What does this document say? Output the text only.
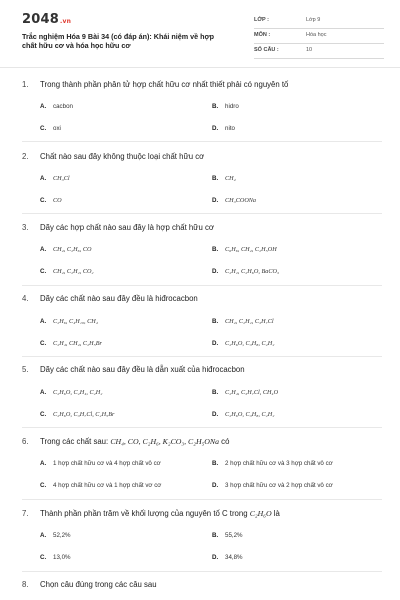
2048.vn
Trắc nghiệm Hóa 9 Bài 34 (có đáp án): Khái niệm về hợp
chất hữu cơ và hóa học hữu cơ
LỚP :	Lớp 9
MÔN :	Hóa học
SỐ CÂU :	10
1. Trong thành phần phân tử hợp chất hữu cơ nhất thiết phải có nguyên tố
A. cacbon	B. hidro
C. oxi	D. nito
2. Chất nào sau đây không thuộc loại chất hữu cơ
A. CH₃Cl	B. CH₄
C. CO	D. CH₃COONa
3. Dãy các hợp chất nào sau đây là hợp chất hữu cơ
A. CH₄, C₂H₆, CO	B. C₆H₆, CH₄, C₂H₅OH
C. CH₄, C₂H₂, CO₂	D. C₂H₂, C₂H₆O, BaCO₃
4. Dãy các chất nào sau đây đều là hiđrocacbon
A. C₂H₆, C₄H₁₀, CH₄	B. CH₄, C₂H₂, C₃H₇Cl
C. C₂H₄, CH₄, C₂H₅Br	D. C₂H₆O, C₃H₈, C₂H₂
5. Dãy các chất nào sau đây đều là dẫn xuất của hiđrocacbon
A. C₂H₆O, C₂H₄, C₂H₂	B. C₂H₄, C₃H₇Cl, CH₄O
C. C₂H₆O, C₃H₇Cl, C₂H₅Br	D. C₂H₆O, C₃H₈, C₂H₂
6. Trong các chất sau: CH₄, CO, C₂H₆, K₂CO₃, C₂H₅ONa có
A. 1 hợp chất hữu cơ và 4 hợp chất vô cơ	B. 2 hợp chất hữu cơ và 3 hợp chất vô cơ
C. 4 hợp chất hữu cơ và 1 hợp chất vơ cơ	D. 3 hợp chất hữu cơ và 2 hợp chất vô cơ
7. Thành phần phần trăm về khối lượng của nguyên tố C trong C₂H₆O là
A. 52,2%	B. 55,2%
C. 13,0%	D. 34,8%
8. Chọn câu đúng trong các câu sau
